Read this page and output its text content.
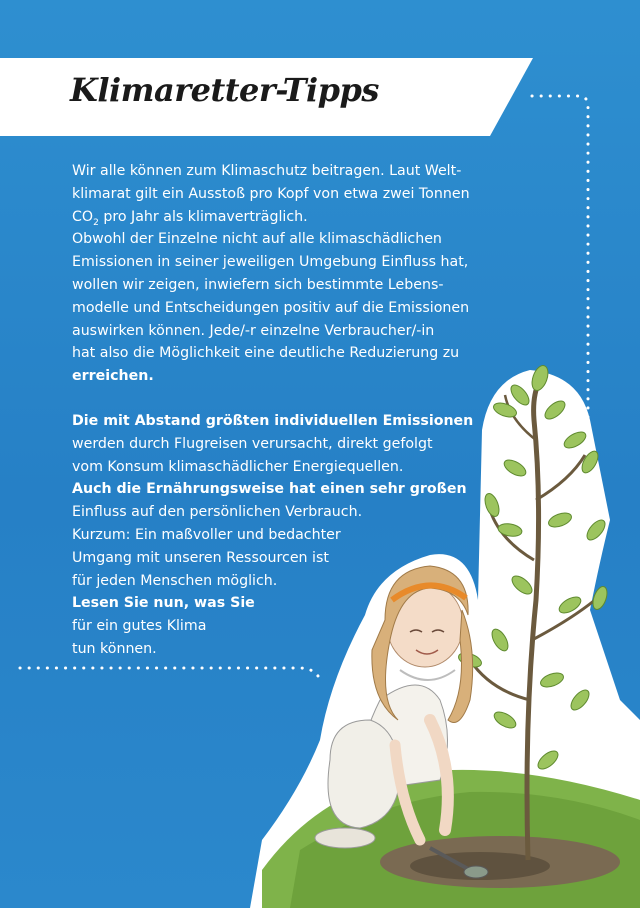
Klimaretter-Tipps

Wir alle können zum Klimaschutz beitragen. Laut Welt-

klimarat gilt ein Ausstoß pro Kopf von etwa zwei Tonnen

$CO_2$ pro Jahr als klimaverträglich.

Obwohl der Einzelne nicht auf alle klimaschädlichen

Emissionen in seiner jeweiligen Umgebung Einfluss hat,

wollen wir zeigen, inwiefern sich bestimmte Lebens-

modelle und Entscheidungen positiv auf die Emissionen

auswirken können. Jede/-r einzelne Verbraucher/-in

hat also die Möglichkeit eine deutliche Reduzierung zu

erreichen.

Die mit Abstand größten individuellen Emissionen

werden durch Flugreisen verursacht, direkt gefolgt

vom Konsum klimaschädlicher Energiequellen.

Auch die Ernährungsweise hat einen sehr großen

Einfluss auf den persönlichen Verbrauch.

Kurzum: Ein maßvoller und bedachter

Umgang mit unseren Ressourcen ist

für jeden Menschen möglich.

Lesen Sie nun, was Sie

für ein gutes Klima

tun können.
